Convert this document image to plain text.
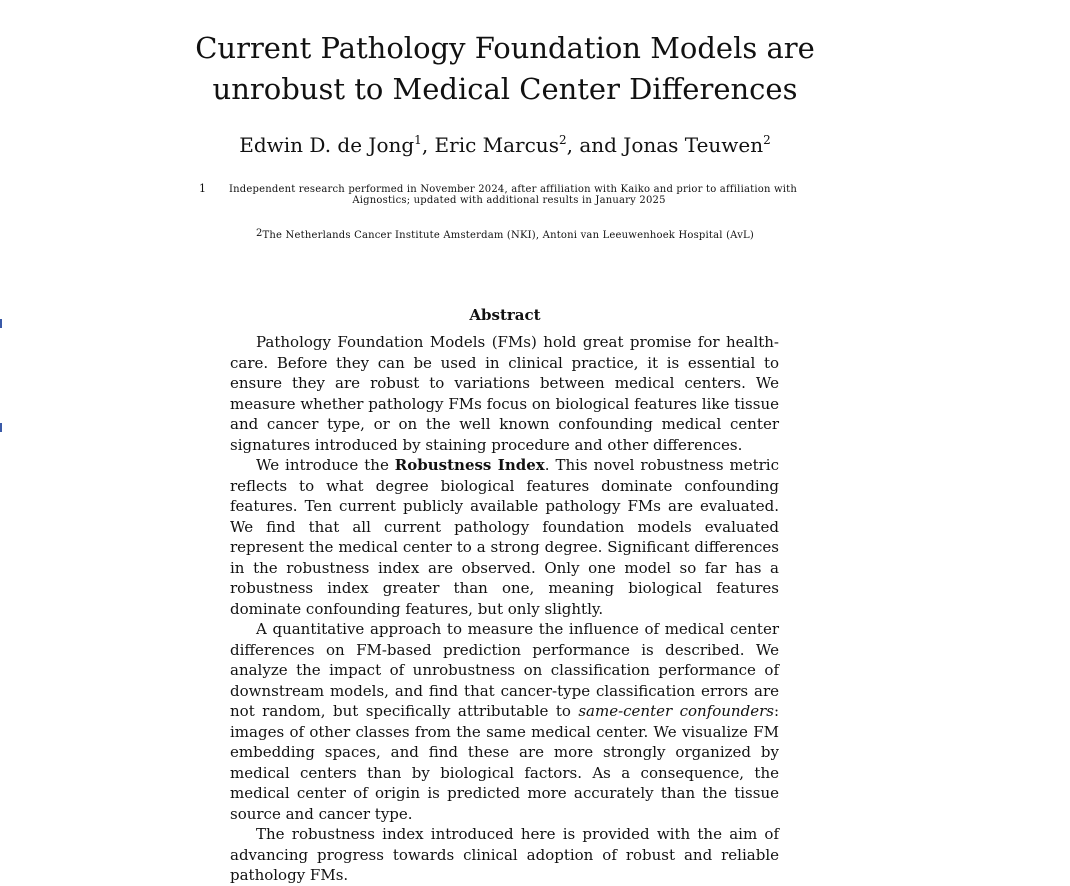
Current Pathology Foundation Models are
unrobust to Medical Center Differences
Edwin D. de Jong$^1$, Eric Marcus$^2$, and Jonas Teuwen$^2$
1	Independent research performed in November 2024, after affiliation with Kaiko and prior to affiliation with
Aignostics; updated with additional results in January 2025
2The Netherlands Cancer Institute Amsterdam (NKI), Antoni van Leeuwenhoek Hospital (AvL)
Abstract

Pathology Foundation Models (FMs) hold great promise for health-care. Before they can be used in clinical practice, it is essential to ensure they are robust to variations between medical centers. We measure whether pathology FMs focus on biological features like tissue and cancer type, or on the well known confounding medical center signatures introduced by staining procedure and other differences.

We introduce the Robustness Index. This novel robustness metric reflects to what degree biological features dominate confounding features. Ten current publicly available pathology FMs are evaluated. We find that all current pathology foundation models evaluated represent the medical center to a strong degree. Significant differences in the robustness index are observed. Only one model so far has a robustness index greater than one, meaning biological features dominate confounding features, but only slightly.

A quantitative approach to measure the influence of medical center differences on FM-based prediction performance is described. We analyze the impact of unrobustness on classification performance of downstream models, and find that cancer-type classification errors are not random, but specifically attributable to same-center confounders: images of other classes from the same medical center. We visualize FM embedding spaces, and find these are more strongly organized by medical centers than by biological factors. As a consequence, the medical center of origin is predicted more accurately than the tissue source and cancer type.

The robustness index introduced here is provided with the aim of advancing progress towards clinical adoption of robust and reliable pathology FMs.
